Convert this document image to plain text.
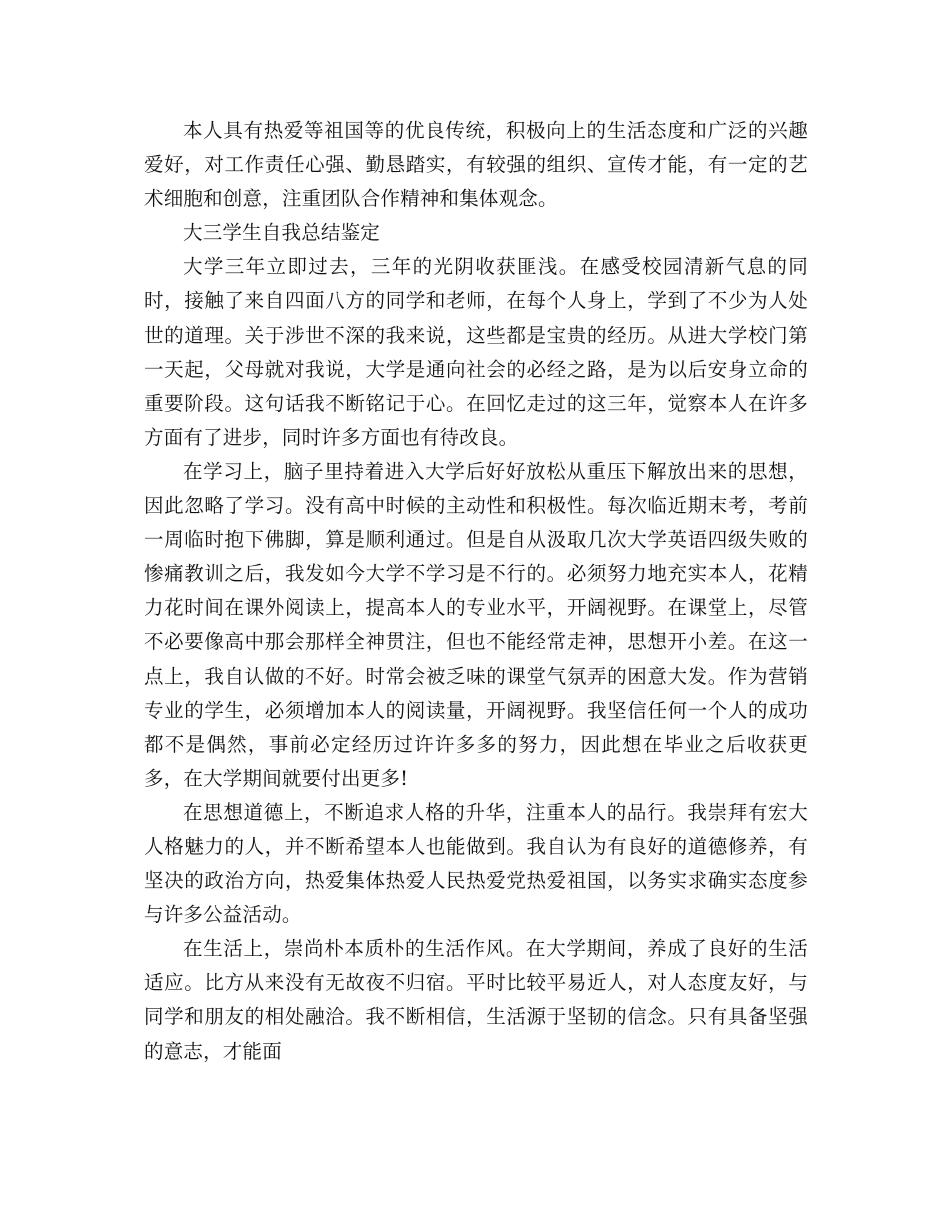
本人具有热爱等祖国等的优良传统，积极向上的生活态度和广泛的兴趣爱好，对工作责任心强、勤恳踏实，有较强的组织、宣传才能，有一定的艺术细胞和创意，注重团队合作精神和集体观念。

大三学生自我总结鉴定

大学三年立即过去，三年的光阴收获匪浅。在感受校园清新气息的同时，接触了来自四面八方的同学和老师，在每个人身上，学到了不少为人处世的道理。关于涉世不深的我来说，这些都是宝贵的经历。从进大学校门第一天起，父母就对我说，大学是通向社会的必经之路，是为以后安身立命的重要阶段。这句话我不断铭记于心。在回忆走过的这三年，觉察本人在许多方面有了进步，同时许多方面也有待改良。

在学习上，脑子里持着进入大学后好好放松从重压下解放出来的思想，因此忽略了学习。没有高中时候的主动性和积极性。每次临近期末考，考前一周临时抱下佛脚，算是顺利通过。但是自从汲取几次大学英语四级失败的惨痛教训之后，我发如今大学不学习是不行的。必须努力地充实本人，花精力花时间在课外阅读上，提高本人的专业水平，开阔视野。在课堂上，尽管不必要像高中那会那样全神贯注，但也不能经常走神，思想开小差。在这一点上，我自认做的不好。时常会被乏味的课堂气氛弄的困意大发。作为营销专业的学生，必须增加本人的阅读量，开阔视野。我坚信任何一个人的成功都不是偶然，事前必定经历过许许多多的努力，因此想在毕业之后收获更多，在大学期间就要付出更多!

在思想道德上，不断追求人格的升华，注重本人的品行。我崇拜有宏大人格魅力的人，并不断希望本人也能做到。我自认为有良好的道德修养，有坚决的政治方向，热爱集体热爱人民热爱党热爱祖国，以务实求确实态度参与许多公益活动。

在生活上，崇尚朴本质朴的生活作风。在大学期间，养成了良好的生活适应。比方从来没有无故夜不归宿。平时比较平易近人，对人态度友好，与同学和朋友的相处融洽。我不断相信，生活源于坚韧的信念。只有具备坚强的意志，才能面
